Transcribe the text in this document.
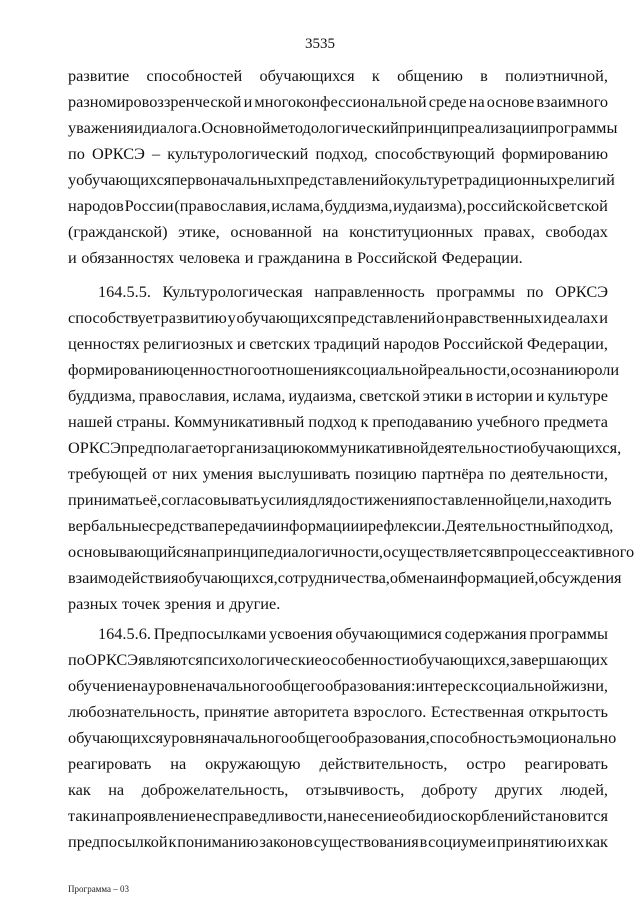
3535
развитие способностей обучающихся к общению в полиэтничной,
разномировоззренческой и многоконфессиональной среде на основе взаимного
уважения и диалога. Основной методологический принцип реализации программы
по ОРКСЭ – культурологический подход, способствующий формированию
у обучающихся первоначальных представлений о культуре традиционных религий
народов России (православия, ислама, буддизма, иудаизма), российской светской
(гражданской) этике, основанной на конституционных правах, свободах
и обязанностях человека и гражданина в Российской Федерации.
164.5.5. Культурологическая направленность программы по ОРКСЭ
способствует развитию у обучающихся представлений о нравственных идеалах и
ценностях религиозных и светских традиций народов Российской Федерации,
формированию ценностного отношения к социальной реальности, осознанию роли
буддизма, православия, ислама, иудаизма, светской этики в истории и культуре
нашей страны. Коммуникативный подход к преподаванию учебного предмета
ОРКСЭ предполагает организацию коммуникативной деятельности обучающихся,
требующей от них умения выслушивать позицию партнёра по деятельности,
принимать её, согласовывать усилия для достижения поставленной цели, находить
вербальные средства передачи информации и рефлексии. Деятельностный подход,
основывающийся на принципе диалогичности, осуществляется в процессе активного
взаимодействия обучающихся, сотрудничества, обмена информацией, обсуждения
разных точек зрения и другие.
164.5.6. Предпосылками усвоения обучающимися содержания программы
по ОРКСЭ являются психологические особенности обучающихся, завершающих
обучение на уровне начального общего образования: интерес к социальной жизни,
любознательность, принятие авторитета взрослого. Естественная открытость
обучающихся уровня начального общего образования, способность эмоционально
реагировать на окружающую действительность, остро реагировать
как на доброжелательность, отзывчивость, доброту других людей,
так и на проявление несправедливости, нанесение обид и оскорблений становится
предпосылкой к пониманию законов существования в социуме и принятию их как
Программа – 03
